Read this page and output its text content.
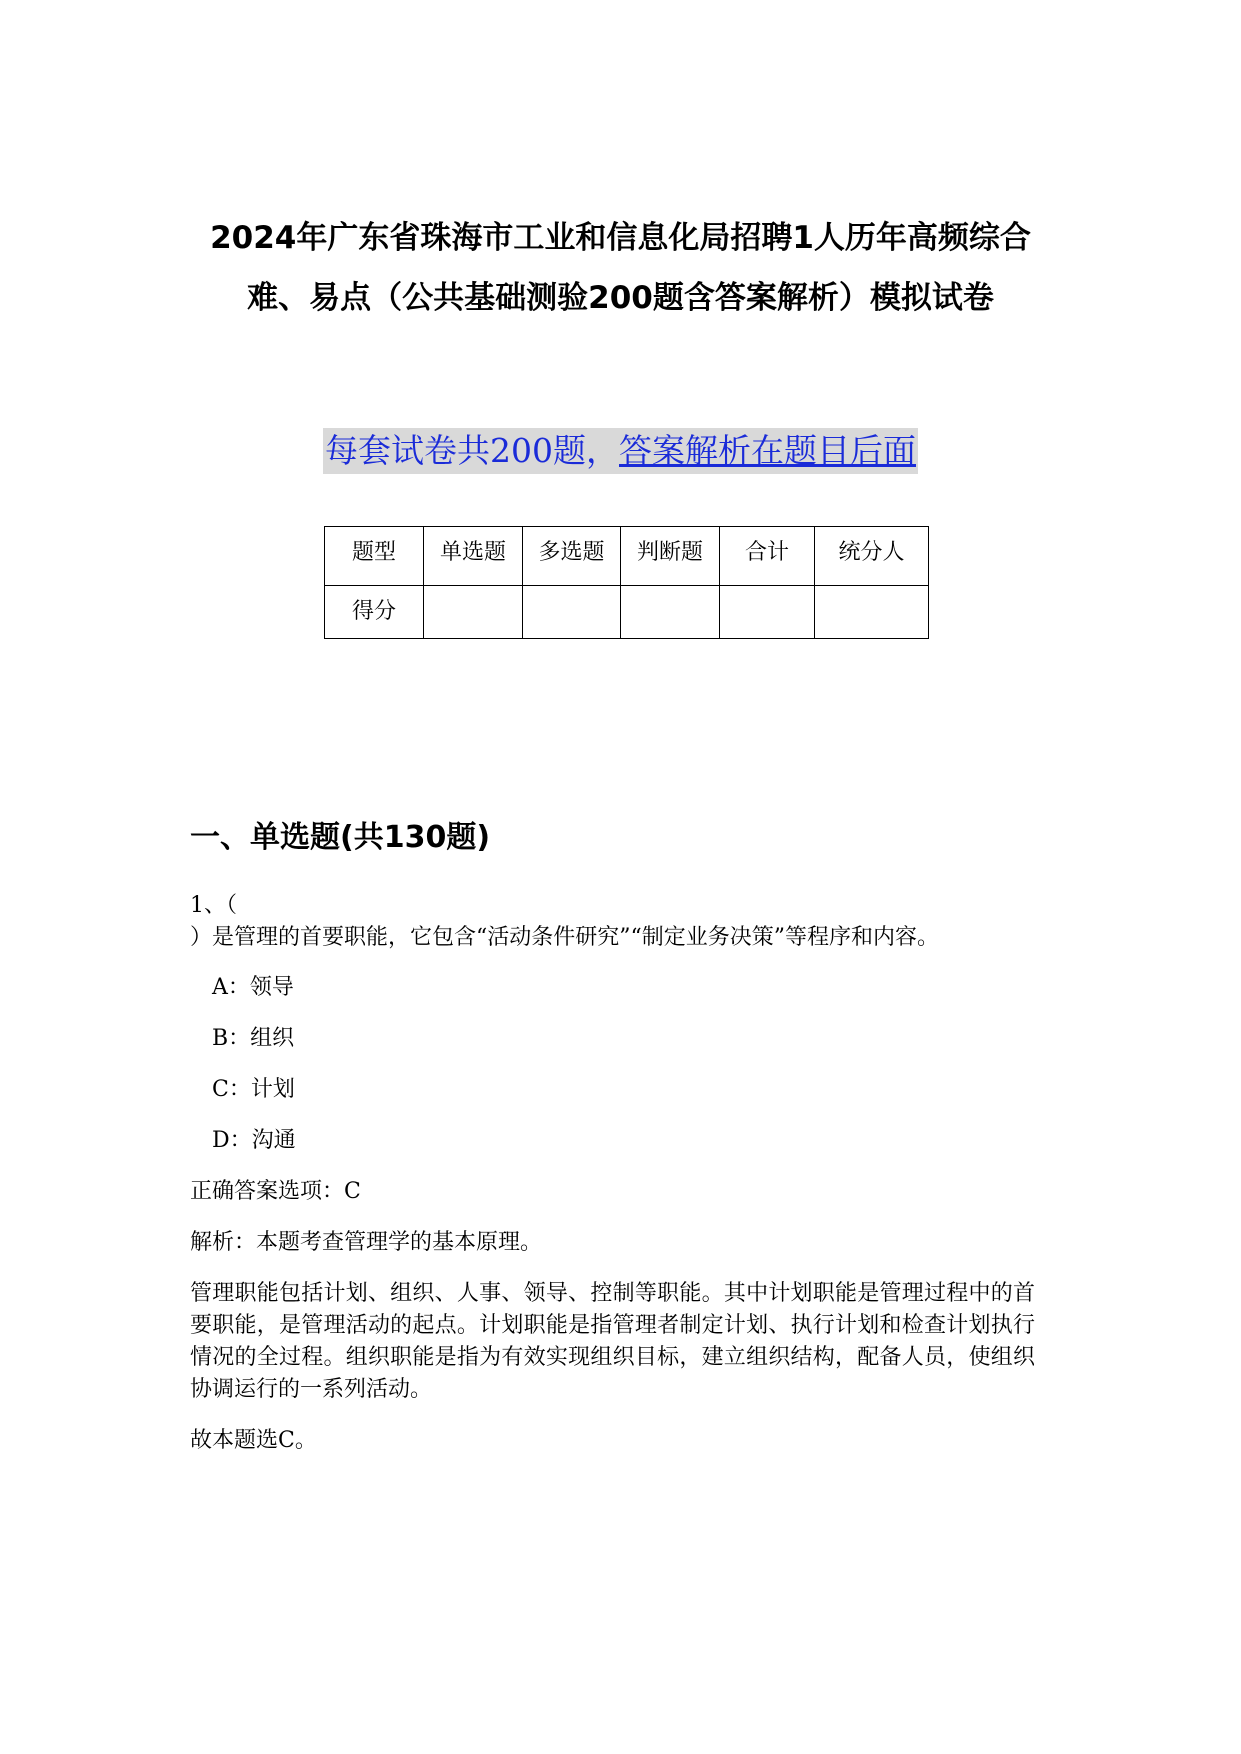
2024年广东省珠海市工业和信息化局招聘1人历年高频综合
难、易点（公共基础测验200题含答案解析）模拟试卷
每套试卷共200题，答案解析在题目后面
题型	单选题	多选题	判断题	合计	统分人

得分					

一、单选题(共130题)
1、（
）是管理的首要职能，它包含“活动条件研究”“制定业务决策”等程序和内容。
A：领导
B：组织
C：计划
D：沟通
正确答案选项：C
解析：本题考查管理学的基本原理。
管理职能包括计划、组织、人事、领导、控制等职能。其中计划职能是管理过程中的首要职能，是管理活动的起点。计划职能是指管理者制定计划、执行计划和检查计划执行情况的全过程。组织职能是指为有效实现组织目标，建立组织结构，配备人员，使组织协调运行的一系列活动。
故本题选C。
